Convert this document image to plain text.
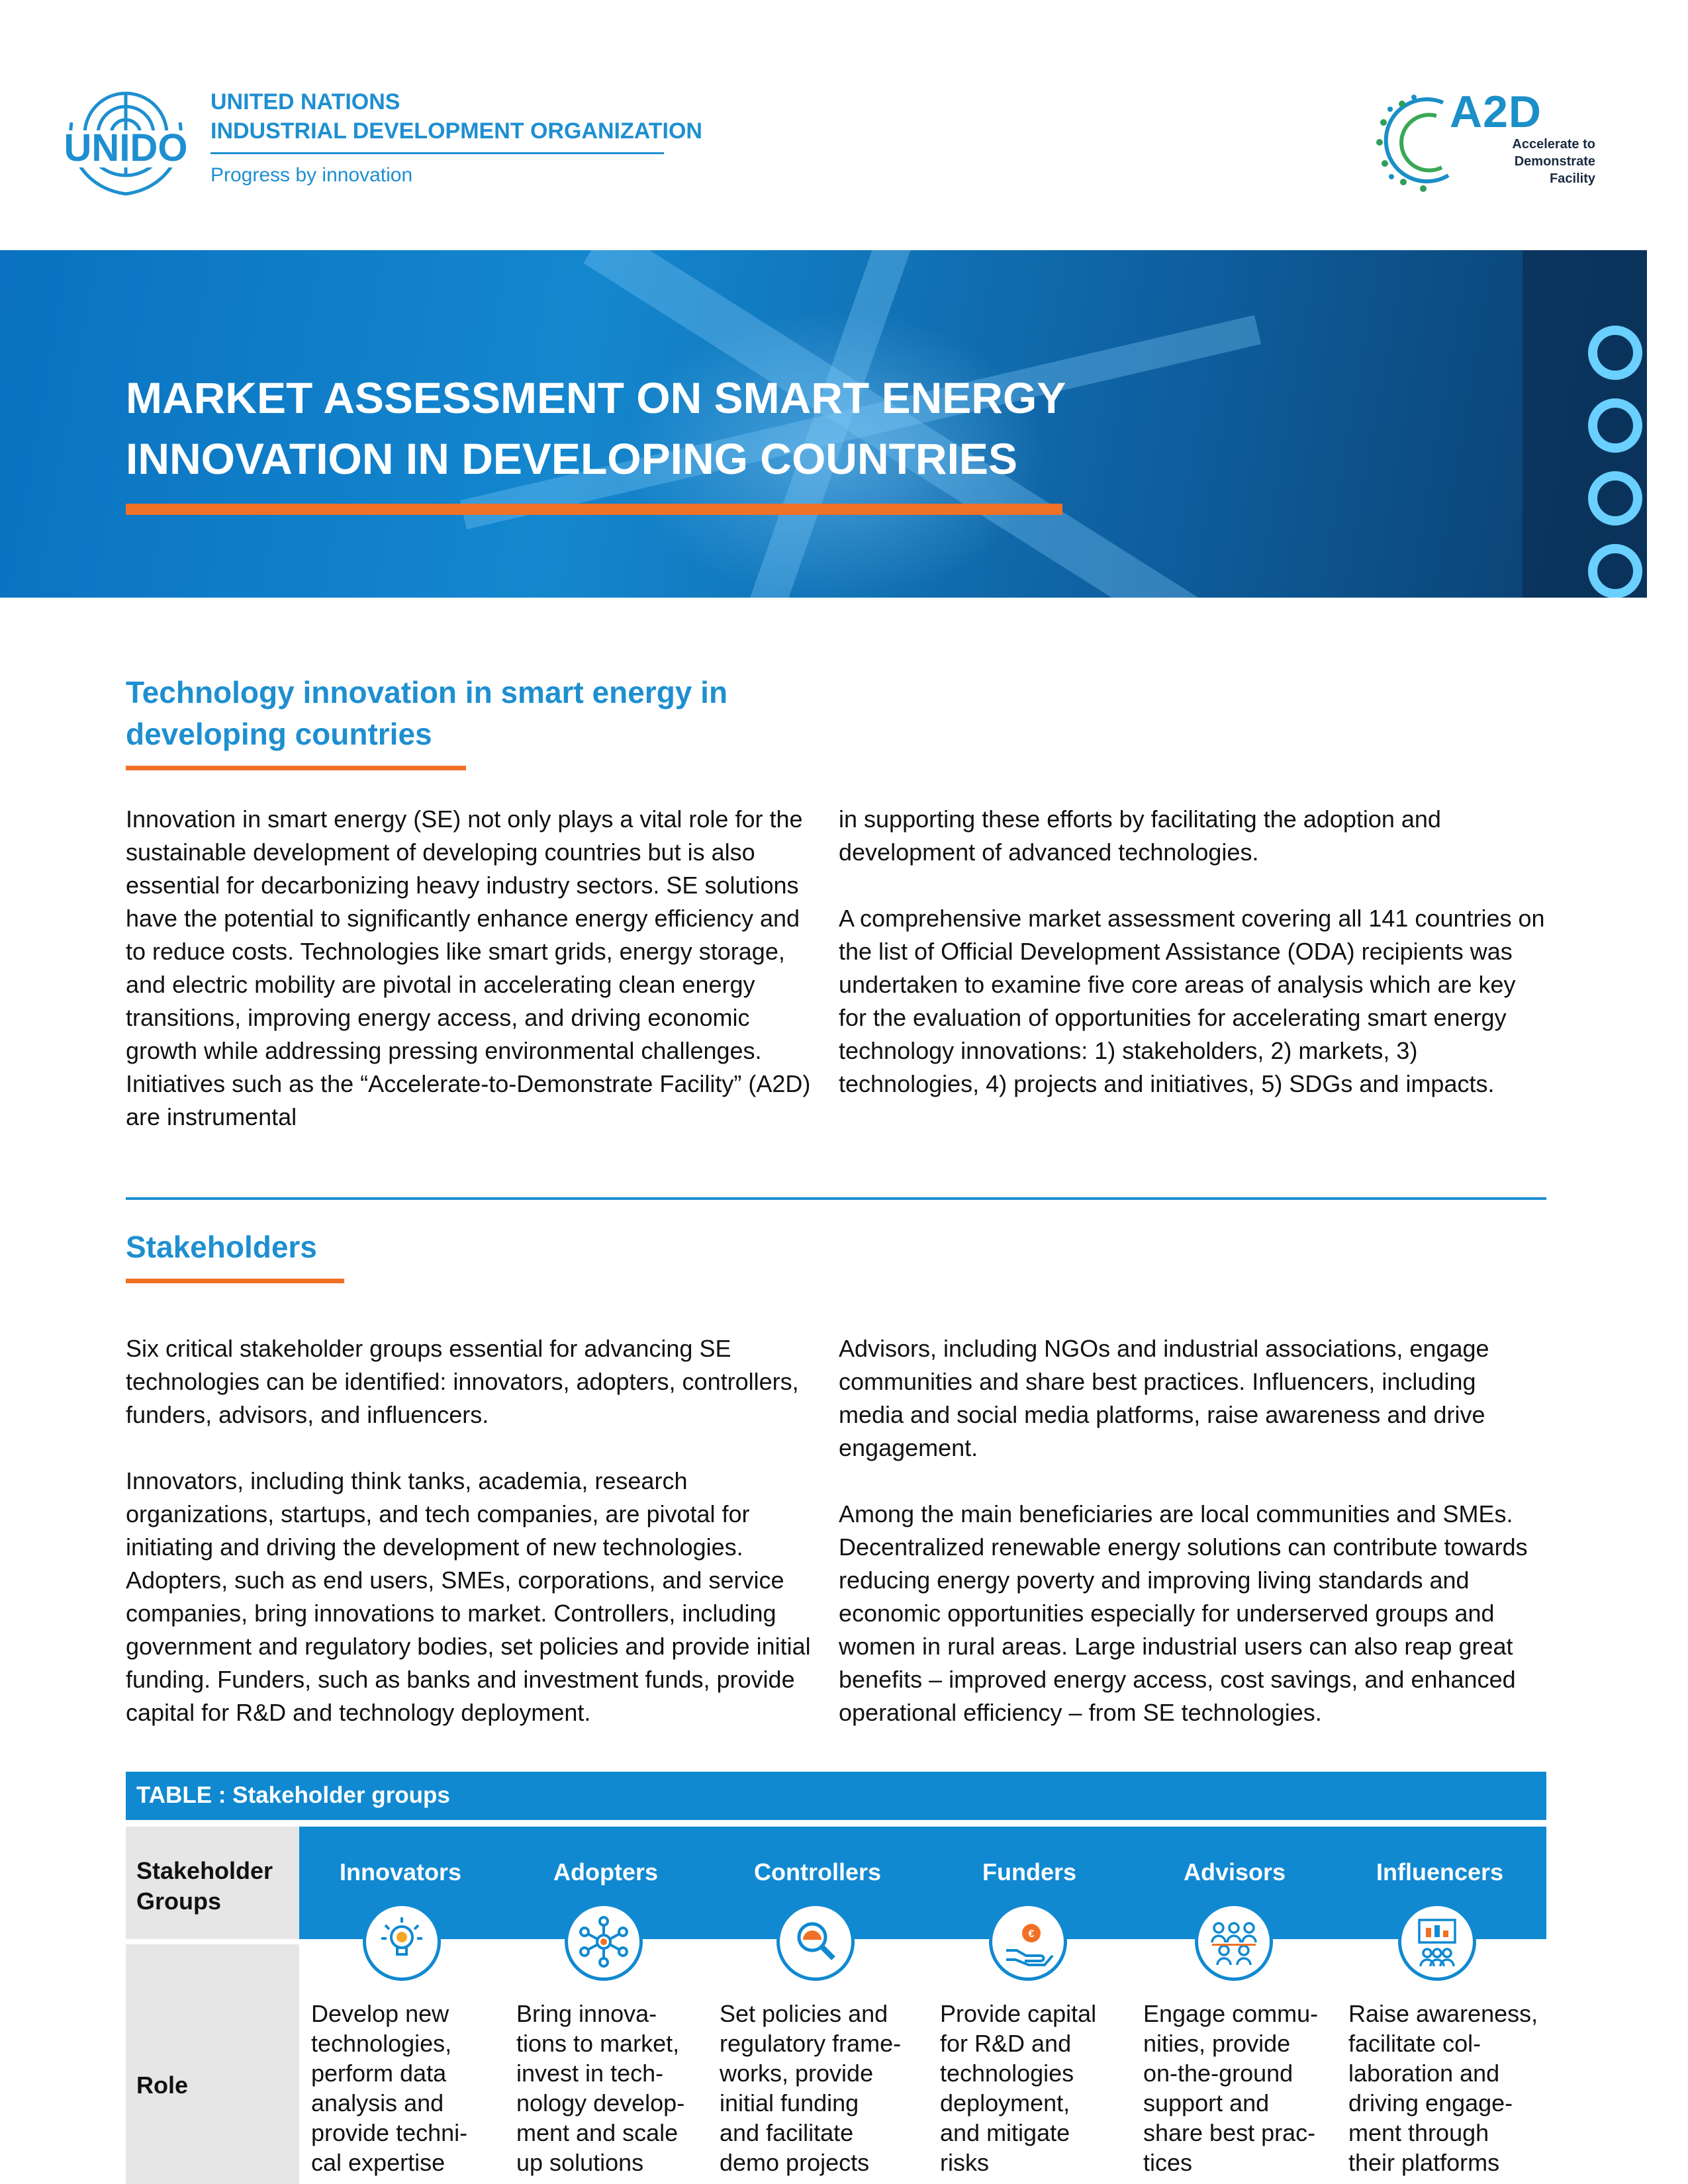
UNIDO
UNITED NATIONS
INDUSTRIAL DEVELOPMENT ORGANIZATION
Progress by innovation
A2D
Accelerate to
Demonstrate
Facility
MARKET ASSESSMENT ON SMART ENERGY
INNOVATION IN DEVELOPING COUNTRIES
Technology innovation in smart energy in
developing countries

Innovation in smart energy (SE) not only plays a vital role for the sustainable development of developing countries but is also essential for decarbonizing heavy industry sectors. SE solutions have the potential to significantly enhance energy efficiency and to reduce costs. Technologies like smart grids, energy storage, and electric mobility are pivotal in accelerating clean energy transitions, improving energy access, and driving economic growth while addressing pressing environmental challenges. Initiatives such as the “Accelerate-to-Demonstrate Facility” (A2D) are instrumental

in supporting these efforts by facilitating the adoption and development of advanced technologies.

A comprehensive market assessment covering all 141 countries on the list of Official Development Assistance (ODA) recipients was undertaken to examine five core areas of analysis which are key for the evaluation of opportunities for accelerating smart energy technology innovations: 1) stakeholders, 2) markets, 3) technologies, 4) projects and initiatives, 5) SDGs and impacts.

Stakeholders

Six critical stakeholder groups essential for advancing SE technologies can be identified: innovators, adopters, controllers, funders, advisors, and influencers.

Innovators, including think tanks, academia, research organizations, startups, and tech companies, are pivotal for initiating and driving the development of new technologies. Adopters, such as end users, SMEs, corporations, and service companies, bring innovations to market. Controllers, including government and regulatory bodies, set policies and provide initial funding. Funders, such as banks and investment funds, provide capital for R&D and technology deployment.

Advisors, including NGOs and industrial associations, engage communities and share best practices. Influencers, including media and social media platforms, raise awareness and drive engagement.

Among the main beneficiaries are local communities and SMEs. Decentralized renewable energy solutions can contribute towards reducing energy poverty and improving living standards and economic opportunities especially for underserved groups and women in rural areas. Large industrial users can also reap great benefits – improved energy access, cost savings, and enhanced operational efficiency – from SE technologies.

TABLE : Stakeholder groups
Stakeholder Groups
Role
Innovators
Develop new
technologies,
perform data
analysis and
provide techni-
cal expertise
Adopters
Bring innova-
tions to market,
invest in tech-
nology develop-
ment and scale
up solutions
Controllers
Set policies and
regulatory frame-
works, provide
initial funding
and facilitate
demo projects
Funders
€
Provide capital
for R&D and
technologies
deployment,
and mitigate
risks
Advisors
Engage commu-
nities, provide
on-the-ground
support and
share best prac-
tices
Influencers
Raise awareness,
facilitate col-
laboration and
driving engage-
ment through
their platforms
